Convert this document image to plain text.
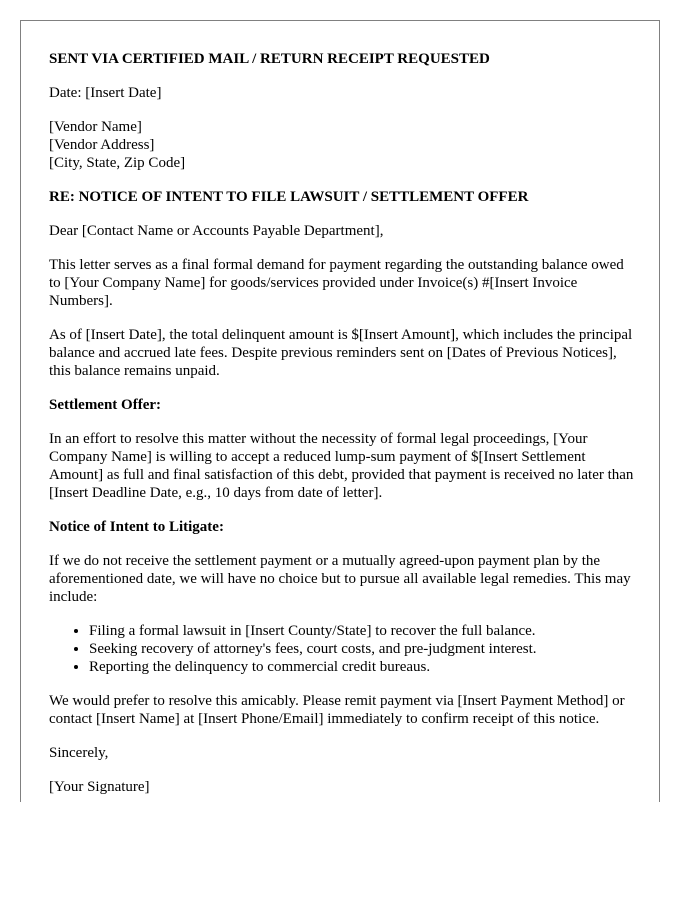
SENT VIA CERTIFIED MAIL / RETURN RECEIPT REQUESTED

Date: [Insert Date]

[Vendor Name]
[Vendor Address]
[City, State, Zip Code]

RE: NOTICE OF INTENT TO FILE LAWSUIT / SETTLEMENT OFFER

Dear [Contact Name or Accounts Payable Department],

This letter serves as a final formal demand for payment regarding the outstanding balance owed to [Your Company Name] for goods/services provided under Invoice(s) #[Insert Invoice Numbers].

As of [Insert Date], the total delinquent amount is $[Insert Amount], which includes the principal balance and accrued late fees. Despite previous reminders sent on [Dates of Previous Notices], this balance remains unpaid.

Settlement Offer:

In an effort to resolve this matter without the necessity of formal legal proceedings, [Your Company Name] is willing to accept a reduced lump-sum payment of $[Insert Settlement Amount] as full and final satisfaction of this debt, provided that payment is received no later than [Insert Deadline Date, e.g., 10 days from date of letter].

Notice of Intent to Litigate:

If we do not receive the settlement payment or a mutually agreed-upon payment plan by the aforementioned date, we will have no choice but to pursue all available legal remedies. This may include:

• Filing a formal lawsuit in [Insert County/State] to recover the full balance.
• Seeking recovery of attorney's fees, court costs, and pre-judgment interest.
• Reporting the delinquency to commercial credit bureaus.

We would prefer to resolve this amicably. Please remit payment via [Insert Payment Method] or contact [Insert Name] at [Insert Phone/Email] immediately to confirm receipt of this notice.

Sincerely,

[Your Signature]
